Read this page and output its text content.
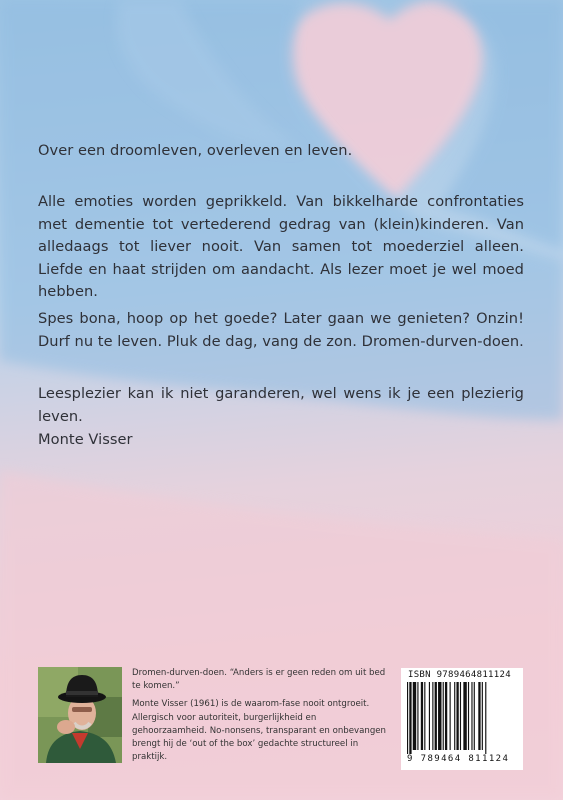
Over een droomleven, overleven en leven.

Alle emoties worden geprikkeld. Van bikkelharde confrontaties met dementie tot vertederend gedrag van (klein)kinderen. Van alledaags tot liever nooit. Van samen tot moederziel alleen. Liefde en haat strijden om aandacht. Als lezer moet je wel moed hebben.

Spes bona, hoop op het goede? Later gaan we genieten? Onzin! Durf nu te leven. Pluk de dag, vang de zon. Dromen-durven-doen.

Leesplezier kan ik niet garanderen, wel wens ik je een plezierig leven.

Monte Visser

Dromen-durven-doen. “Anders is er geen reden om uit bed te komen.”

Monte Visser (1961) is de waarom-fase nooit ontgroeit. Allergisch voor autoriteit, burgerlijkheid en gehoorzaamheid. No-nonsens, transparant en onbevangen brengt hij de ‘out of the box’ gedachte structureel in praktijk.

ISBN 9789464811124
9 789464 811124
